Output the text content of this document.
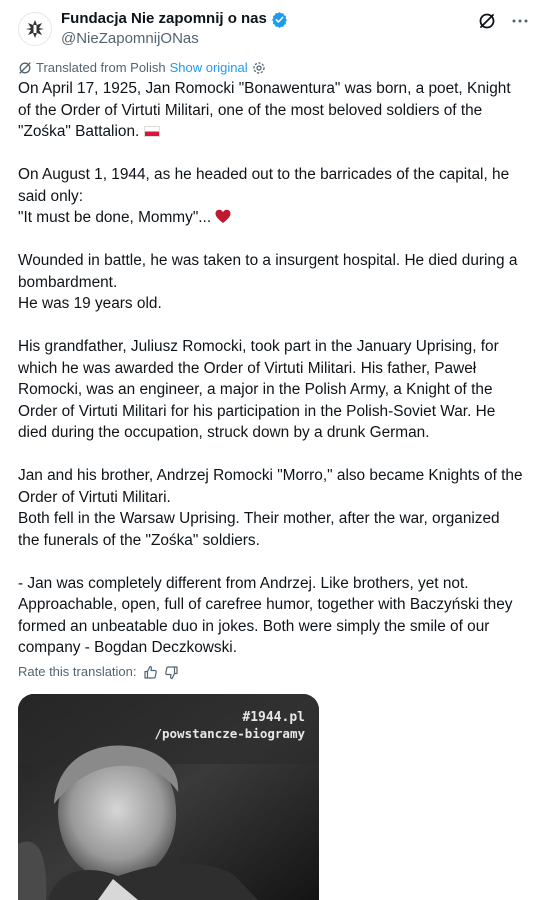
Fundacja Nie zapomnij o nas
@NieZapomnijONas
Translated from Polish Show original
On April 17, 1925, Jan Romocki "Bonawentura" was born, a poet, Knight of the Order of Virtuti Militari, one of the most beloved soldiers of the "Zośka" Battalion.

On August 1, 1944, as he headed out to the barricades of the capital, he said only:
"It must be done, Mommy"...

Wounded in battle, he was taken to a insurgent hospital. He died during a bombardment.
He was 19 years old.

His grandfather, Juliusz Romocki, took part in the January Uprising, for which he was awarded the Order of Virtuti Militari. His father, Paweł Romocki, was an engineer, a major in the Polish Army, a Knight of the Order of Virtuti Militari for his participation in the Polish-Soviet War. He died during the occupation, struck down by a drunk German.

Jan and his brother, Andrzej Romocki "Morro," also became Knights of the Order of Virtuti Militari.
Both fell in the Warsaw Uprising. Their mother, after the war, organized the funerals of the "Zośka" soldiers.

- Jan was completely different from Andrzej. Like brothers, yet not. Approachable, open, full of carefree humor, together with Baczyński they formed an unbeatable duo in jokes. Both were simply the smile of our company - Bogdan Deczkowski.
Rate this translation:
#1944.pl
/powstancze-biogramy
